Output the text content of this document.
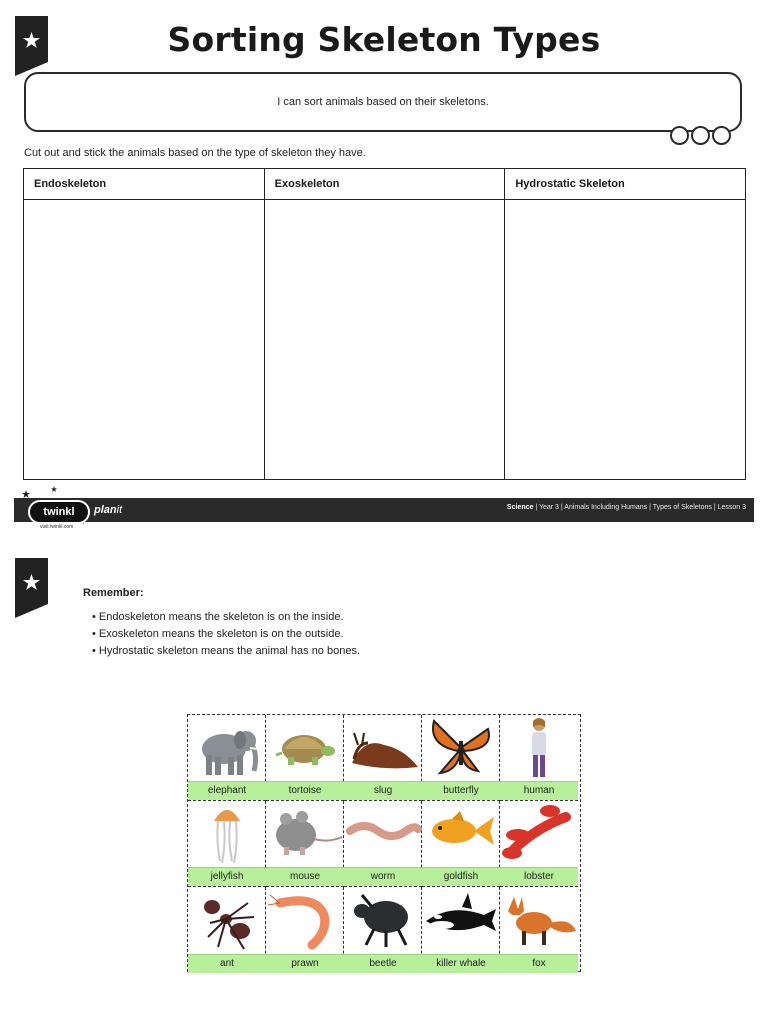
Sorting Skeleton Types
I can sort animals based on their skeletons.
Cut out and stick the animals based on the type of skeleton they have.
Endoskeleton	Exoskeleton	Hydrostatic Skeleton

Science | Year 3 | Animals Including Humans | Types of Skeletons | Lesson 3
twinkl
visit twinkl.com
planit
Remember:
• Endoskeleton means the skeleton is on the inside.
• Exoskeleton means the skeleton is on the outside.
• Hydrostatic skeleton means the animal has no bones.
elephant	tortoise	slug	butterfly	human
jellyfish	mouse	worm	goldfish	lobster
ant	prawn	beetle	killer whale	fox
